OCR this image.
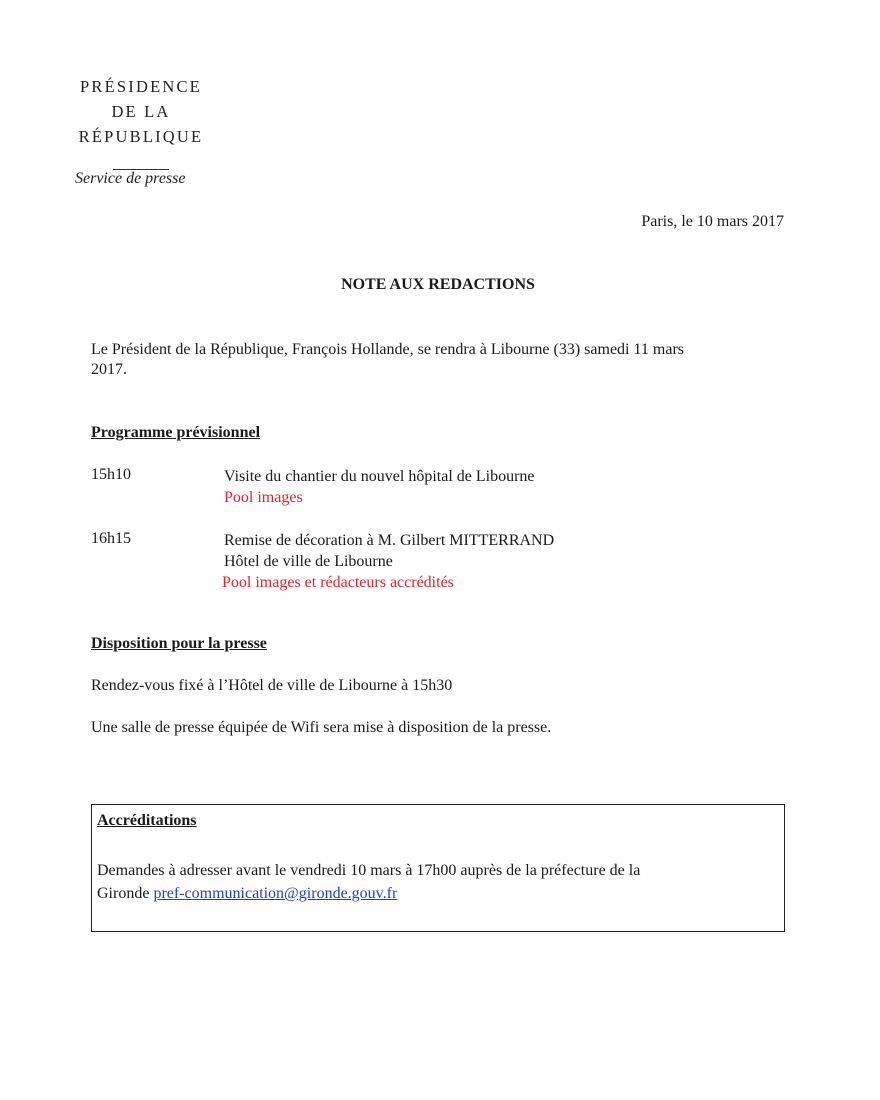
PRÉSIDENCE
DE LA
RÉPUBLIQUE
Service de presse
Paris, le 10 mars 2017
NOTE AUX REDACTIONS
Le Président de la République, François Hollande, se rendra à Libourne (33) samedi 11 mars
2017.
Programme prévisionnel
15h10	Visite du chantier du nouvel hôpital de Libourne
Pool images
16h15	Remise de décoration à M. Gilbert MITTERRAND
Hôtel de ville de Libourne
Pool images et rédacteurs accrédités
Disposition pour la presse
Rendez-vous fixé à l’Hôtel de ville de Libourne à 15h30
Une salle de presse équipée de Wifi sera mise à disposition de la presse.
Accréditations
Demandes à adresser avant le vendredi 10 mars à 17h00 auprès de la préfecture de la
Gironde pref-communication@gironde.gouv.fr
